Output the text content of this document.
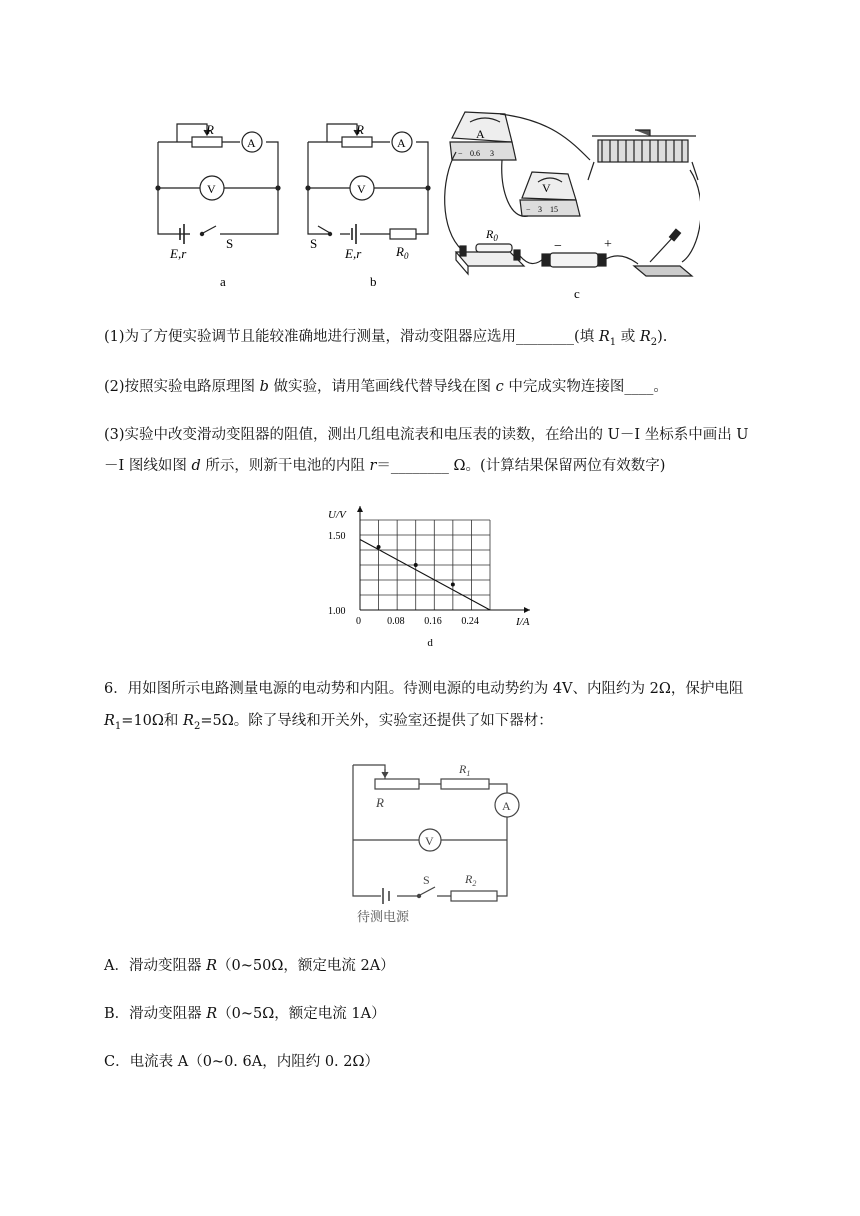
R
A
V
E,r
S
a
R
A
V
E,r
S
$R_0$
b
A
− 0.6 3
V
− 3 15
$R_0$
−	+
c
(1)为了方便实验调节且能较准确地进行测量，滑动变阻器应选用________(填 $R_1$ 或 $R_2$).
(2)按照实验电路原理图 b 做实验，请用笔画线代替导线在图 c 中完成实物连接图____。
(3)实验中改变滑动变阻器的阻值，测出几组电流表和电压表的读数，在给出的 U－I 坐标系中画出 U
－I 图线如图 d 所示，则新干电池的内阻 r＝________ Ω。(计算结果保留两位有效数字)
0	0.08 0.16 0.24
1.50
1.00
I/A
U/V
d
6．用如图所示电路测量电源的电动势和内阻。待测电源的电动势约为 4V、内阻约为 2Ω，保护电阻
$R_1=10\Omega$和 $R_2=5\Omega$。除了导线和开关外，实验室还提供了如下器材：
R
$R_1$
A
V
S	$R_2$
待测电源
A．滑动变阻器 R（0~50Ω，额定电流 2A）
B．滑动变阻器 R（0~5Ω，额定电流 1A）
C．电流表 A（0~0. 6A，内阻约 0. 2Ω）
